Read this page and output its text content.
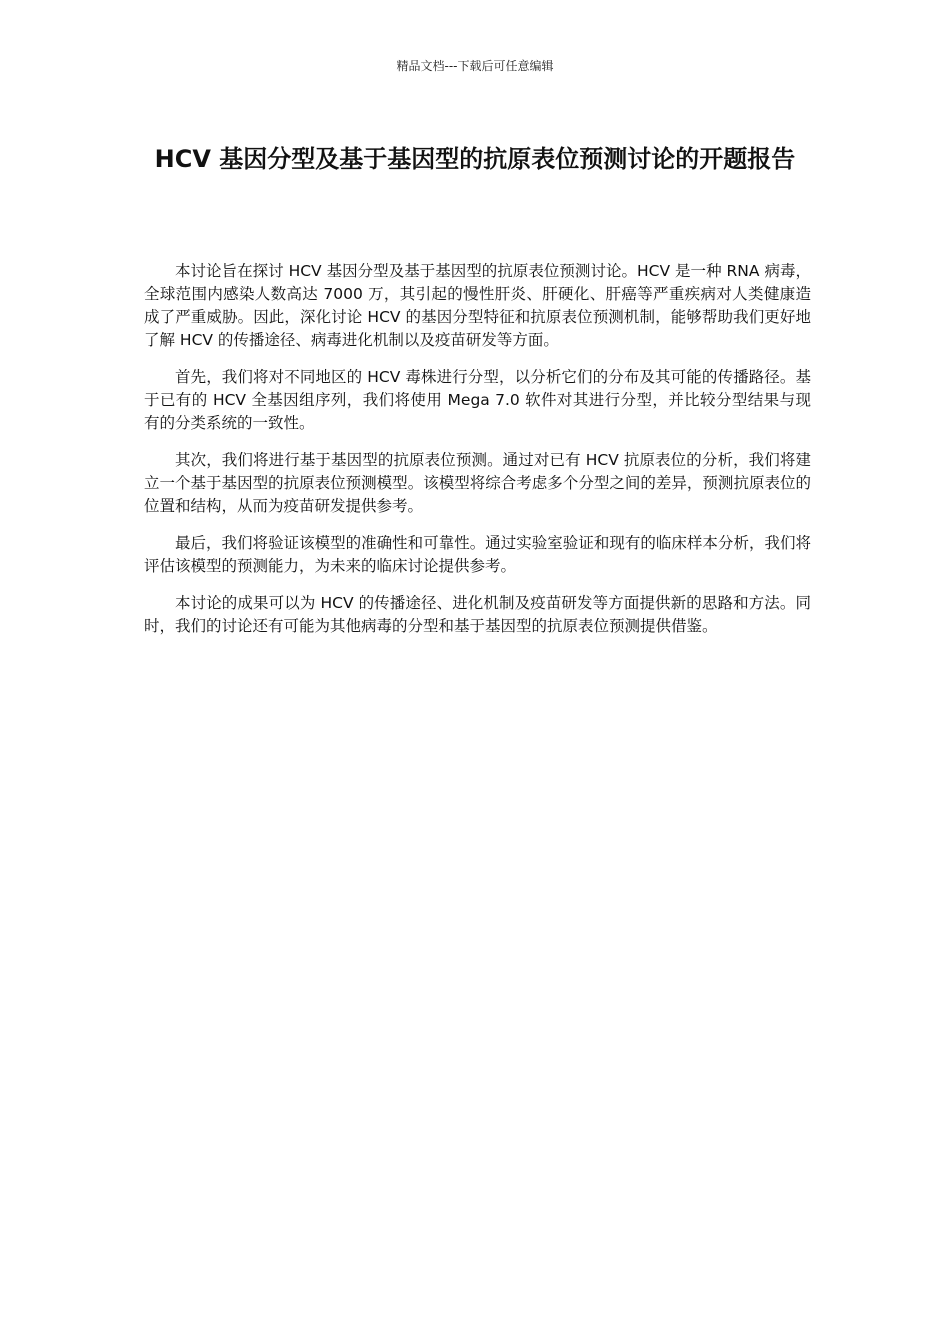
精品文档---下载后可任意编辑
HCV 基因分型及基于基因型的抗原表位预测讨论的开题报告

本讨论旨在探讨 HCV 基因分型及基于基因型的抗原表位预测讨论。HCV 是一种 RNA 病毒，全球范围内感染人数高达 7000 万，其引起的慢性肝炎、肝硬化、肝癌等严重疾病对人类健康造成了严重威胁。因此，深化讨论 HCV 的基因分型特征和抗原表位预测机制，能够帮助我们更好地了解 HCV 的传播途径、病毒进化机制以及疫苗研发等方面。

首先，我们将对不同地区的 HCV 毒株进行分型，以分析它们的分布及其可能的传播路径。基于已有的 HCV 全基因组序列，我们将使用 Mega 7.0 软件对其进行分型，并比较分型结果与现有的分类系统的一致性。

其次，我们将进行基于基因型的抗原表位预测。通过对已有 HCV 抗原表位的分析，我们将建立一个基于基因型的抗原表位预测模型。该模型将综合考虑多个分型之间的差异，预测抗原表位的位置和结构，从而为疫苗研发提供参考。

最后，我们将验证该模型的准确性和可靠性。通过实验室验证和现有的临床样本分析，我们将评估该模型的预测能力，为未来的临床讨论提供参考。

本讨论的成果可以为 HCV 的传播途径、进化机制及疫苗研发等方面提供新的思路和方法。同时，我们的讨论还有可能为其他病毒的分型和基于基因型的抗原表位预测提供借鉴。
